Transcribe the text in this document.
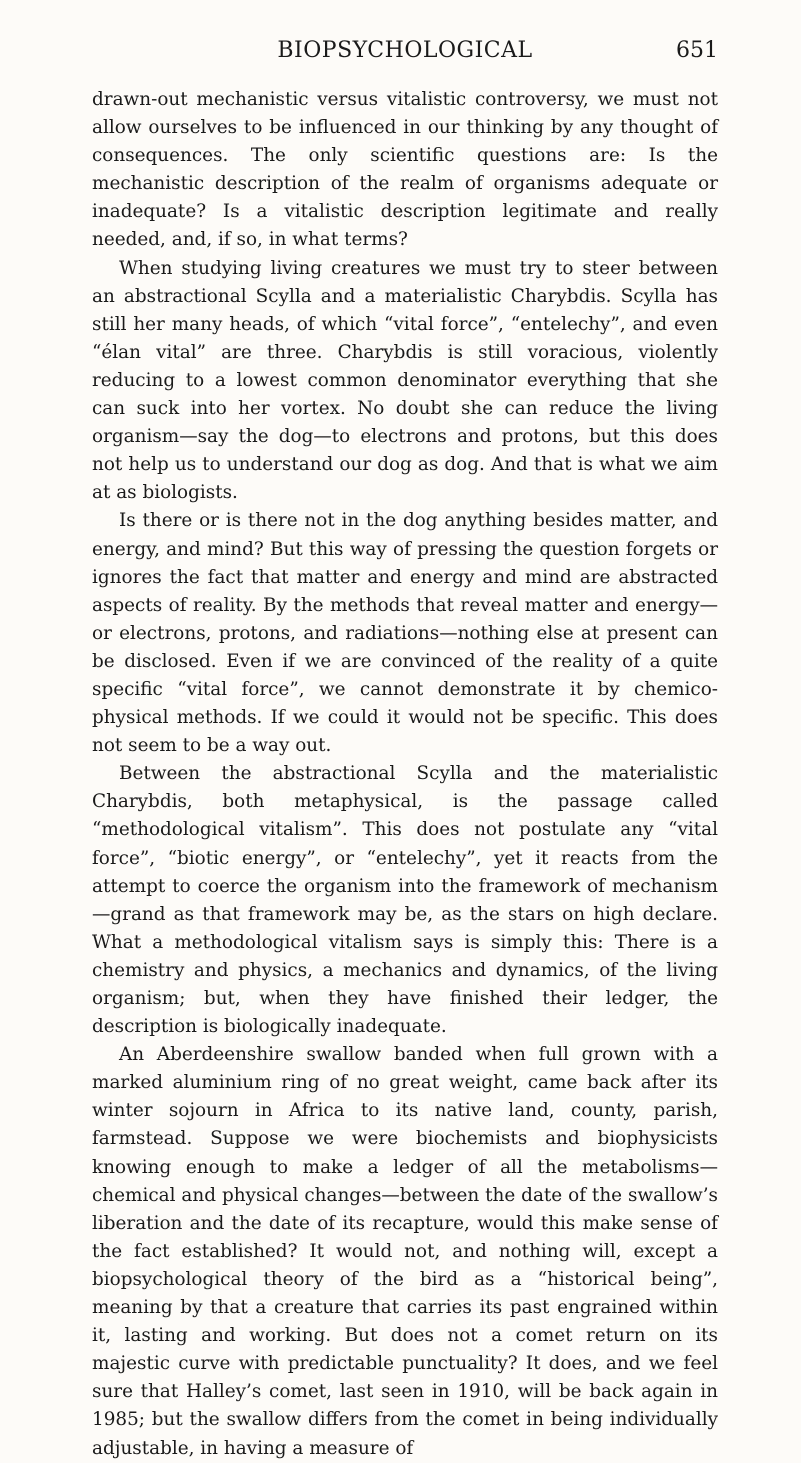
BIOPSYCHOLOGICAL	651

drawn-out mechanistic versus vitalistic controversy, we must not allow ourselves to be influenced in our thinking by any thought of consequences. The only scientific questions are: Is the mechanistic description of the realm of organisms adequate or inadequate? Is a vitalistic description legitimate and really needed, and, if so, in what terms?

When studying living creatures we must try to steer between an abstractional Scylla and a materialistic Charybdis. Scylla has still her many heads, of which “vital force”, “entelechy”, and even “élan vital” are three. Charybdis is still voracious, violently reducing to a lowest common denominator everything that she can suck into her vortex. No doubt she can reduce the living organism—say the dog—to electrons and protons, but this does not help us to understand our dog as dog. And that is what we aim at as biologists.

Is there or is there not in the dog anything besides matter, and energy, and mind? But this way of pressing the question forgets or ignores the fact that matter and energy and mind are abstracted aspects of reality. By the methods that reveal matter and energy—or electrons, protons, and radiations—nothing else at present can be disclosed. Even if we are convinced of the reality of a quite specific “vital force”, we cannot demonstrate it by chemico-physical methods. If we could it would not be specific. This does not seem to be a way out.

Between the abstractional Scylla and the materialistic Charybdis, both metaphysical, is the passage called “methodological vitalism”. This does not postulate any “vital force”, “biotic energy”, or “entelechy”, yet it reacts from the attempt to coerce the organism into the framework of mechanism—grand as that framework may be, as the stars on high declare. What a methodological vitalism says is simply this: There is a chemistry and physics, a mechanics and dynamics, of the living organism; but, when they have finished their ledger, the description is biologically inadequate.

An Aberdeenshire swallow banded when full grown with a marked aluminium ring of no great weight, came back after its winter sojourn in Africa to its native land, county, parish, farmstead. Suppose we were biochemists and biophysicists knowing enough to make a ledger of all the metabolisms—chemical and physical changes—between the date of the swallow’s liberation and the date of its recapture, would this make sense of the fact established? It would not, and nothing will, except a biopsychological theory of the bird as a “historical being”, meaning by that a creature that carries its past engrained within it, lasting and working. But does not a comet return on its majestic curve with predictable punctuality? It does, and we feel sure that Halley’s comet, last seen in 1910, will be back again in 1985; but the swallow differs from the comet in being individually adjustable, in having a measure of
